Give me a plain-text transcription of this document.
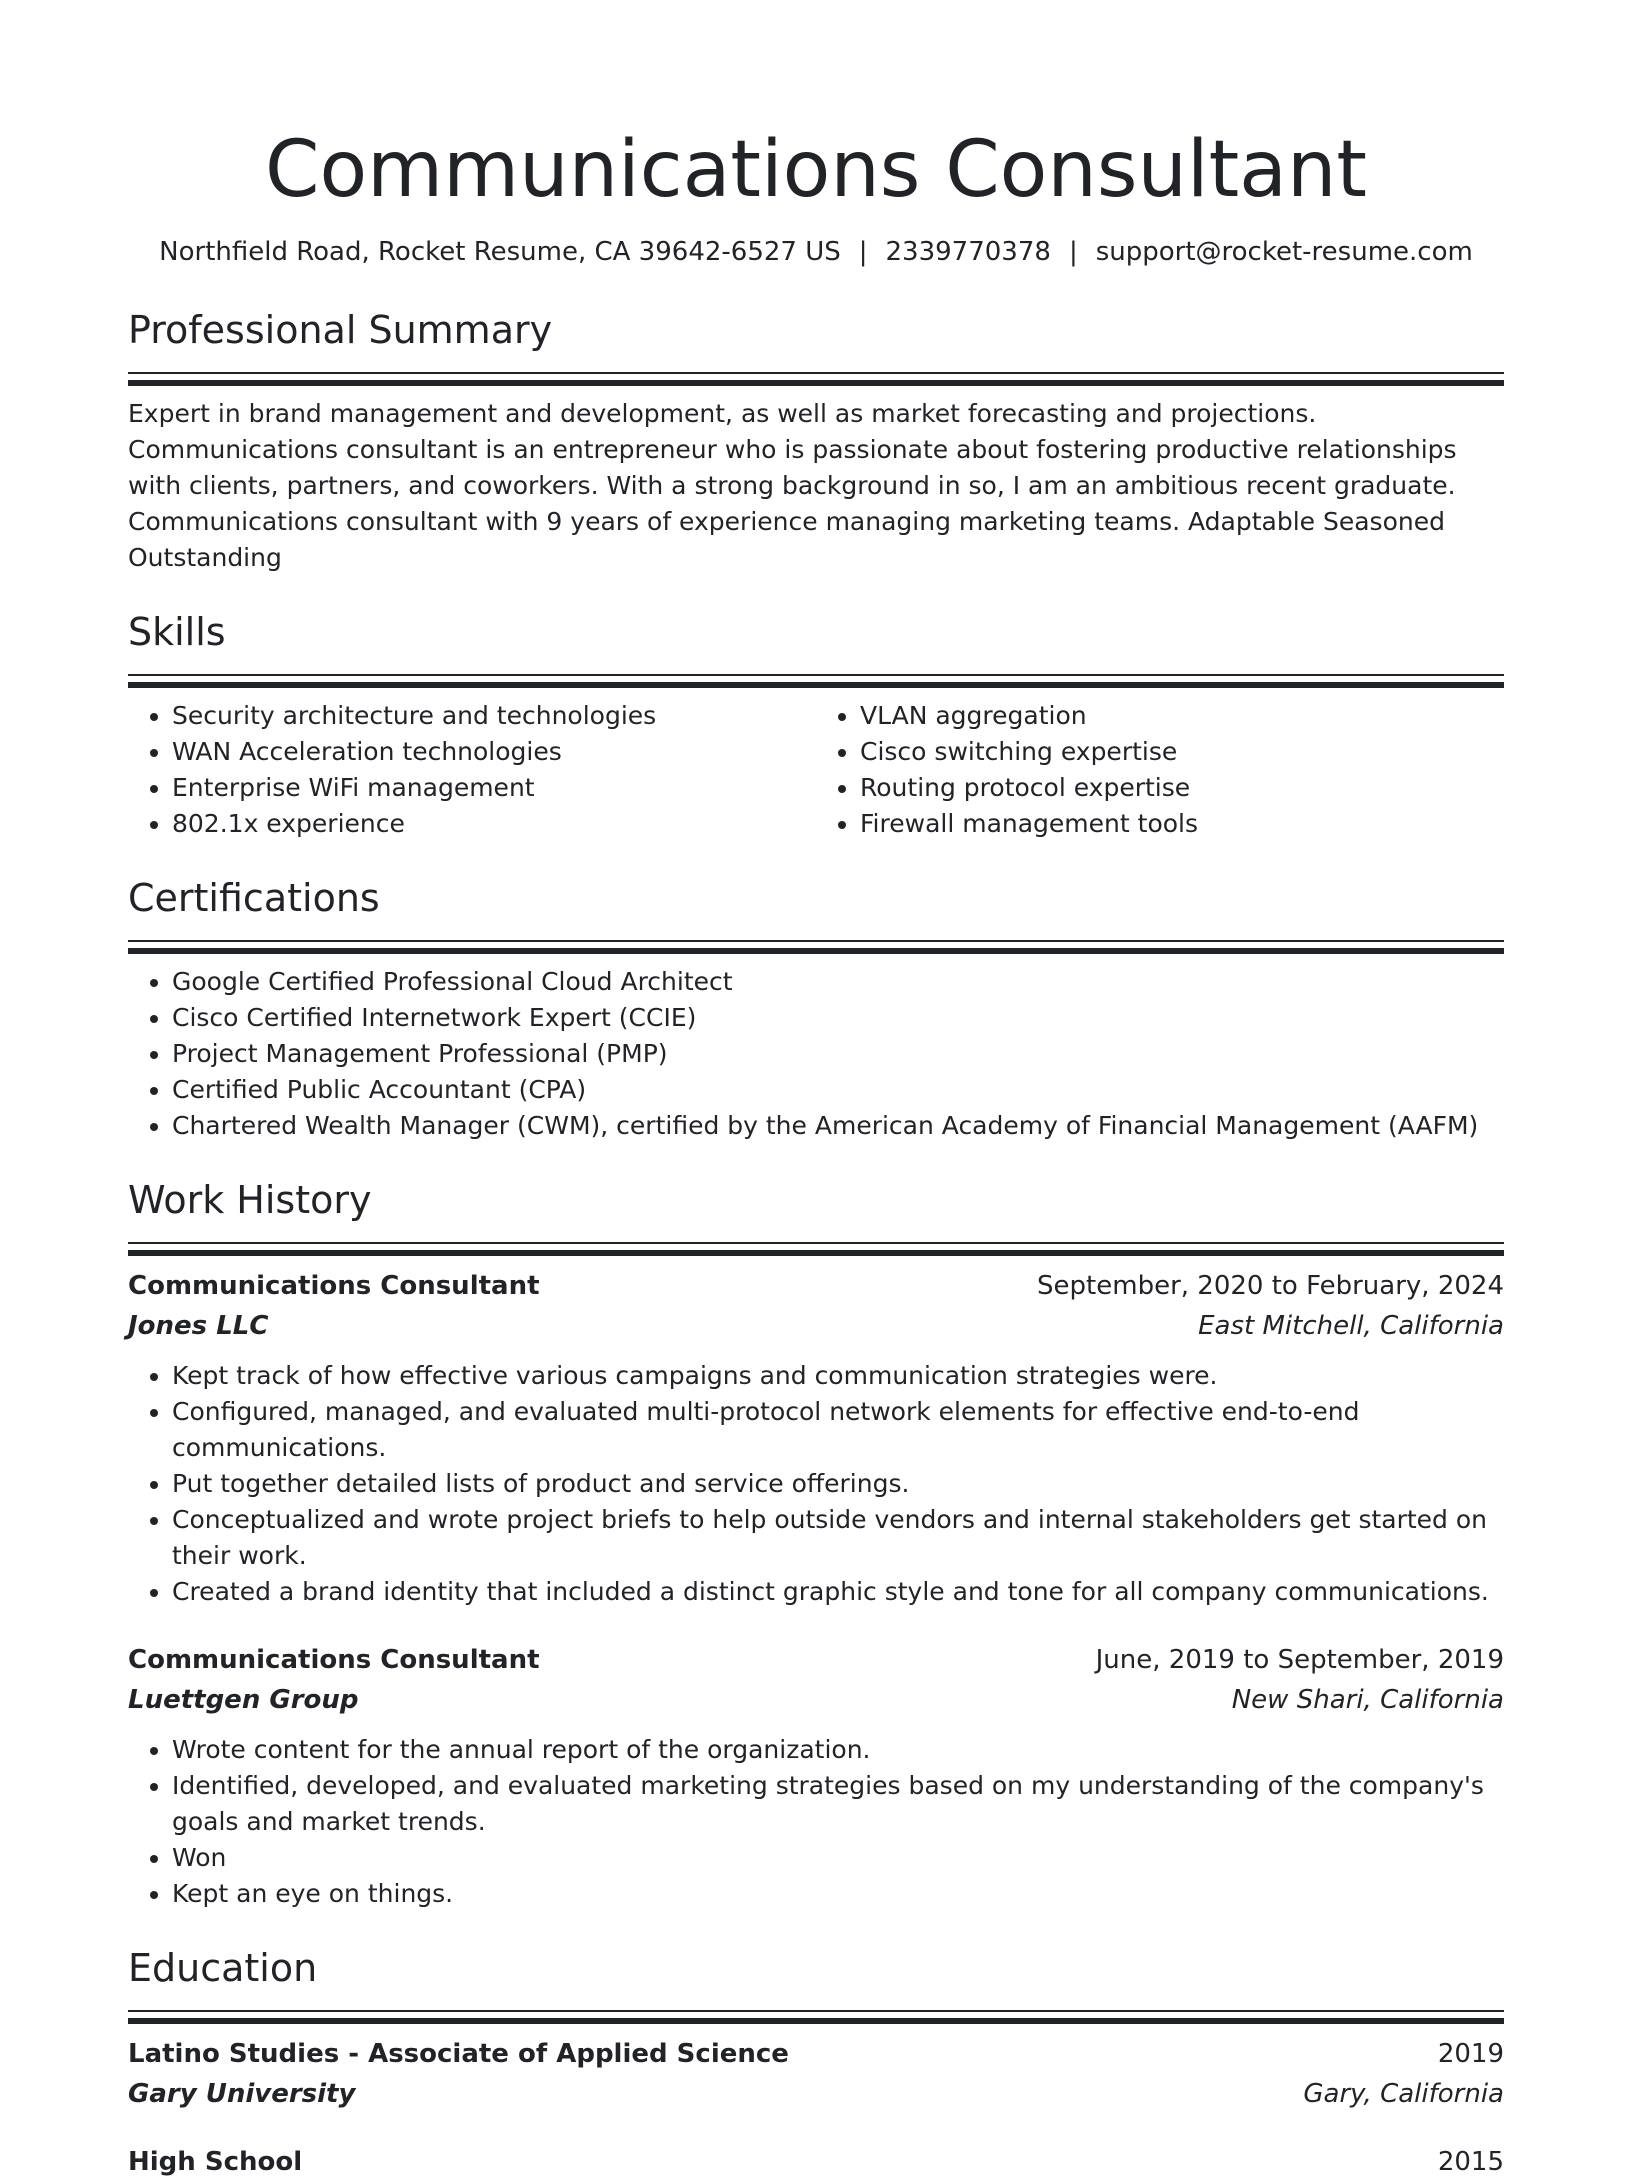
Communications Consultant
Northfield Road, Rocket Resume, CA 39642-6527 US | 2339770378 | support@rocket-resume.com
Professional Summary

Expert in brand management and development, as well as market forecasting and projections. Communications consultant is an entrepreneur who is passionate about fostering productive relationships with clients, partners, and coworkers. With a strong background in so, I am an ambitious recent graduate. Communications consultant with 9 years of experience managing marketing teams. Adaptable Seasoned Outstanding

Skills
• Security architecture and technologies
• WAN Acceleration technologies
• Enterprise WiFi management
• 802.1x experience
• VLAN aggregation
• Cisco switching expertise
• Routing protocol expertise
• Firewall management tools
Certifications
• Google Certified Professional Cloud Architect
• Cisco Certified Internetwork Expert (CCIE)
• Project Management Professional (PMP)
• Certified Public Accountant (CPA)
• Chartered Wealth Manager (CWM), certified by the American Academy of Financial Management (AAFM)
Work History
Communications Consultant	September, 2020 to February, 2024
Jones LLC	East Mitchell, California
• Kept track of how effective various campaigns and communication strategies were.
• Configured, managed, and evaluated multi-protocol network elements for effective end-to-end communications.
• Put together detailed lists of product and service offerings.
• Conceptualized and wrote project briefs to help outside vendors and internal stakeholders get started on their work.
• Created a brand identity that included a distinct graphic style and tone for all company communications.
Communications Consultant	June, 2019 to September, 2019
Luettgen Group	New Shari, California
• Wrote content for the annual report of the organization.
• Identified, developed, and evaluated marketing strategies based on my understanding of the company's goals and market trends.
• Won
• Kept an eye on things.
Education
Latino Studies - Associate of Applied Science	2019
Gary University	Gary, California
High School	2015
